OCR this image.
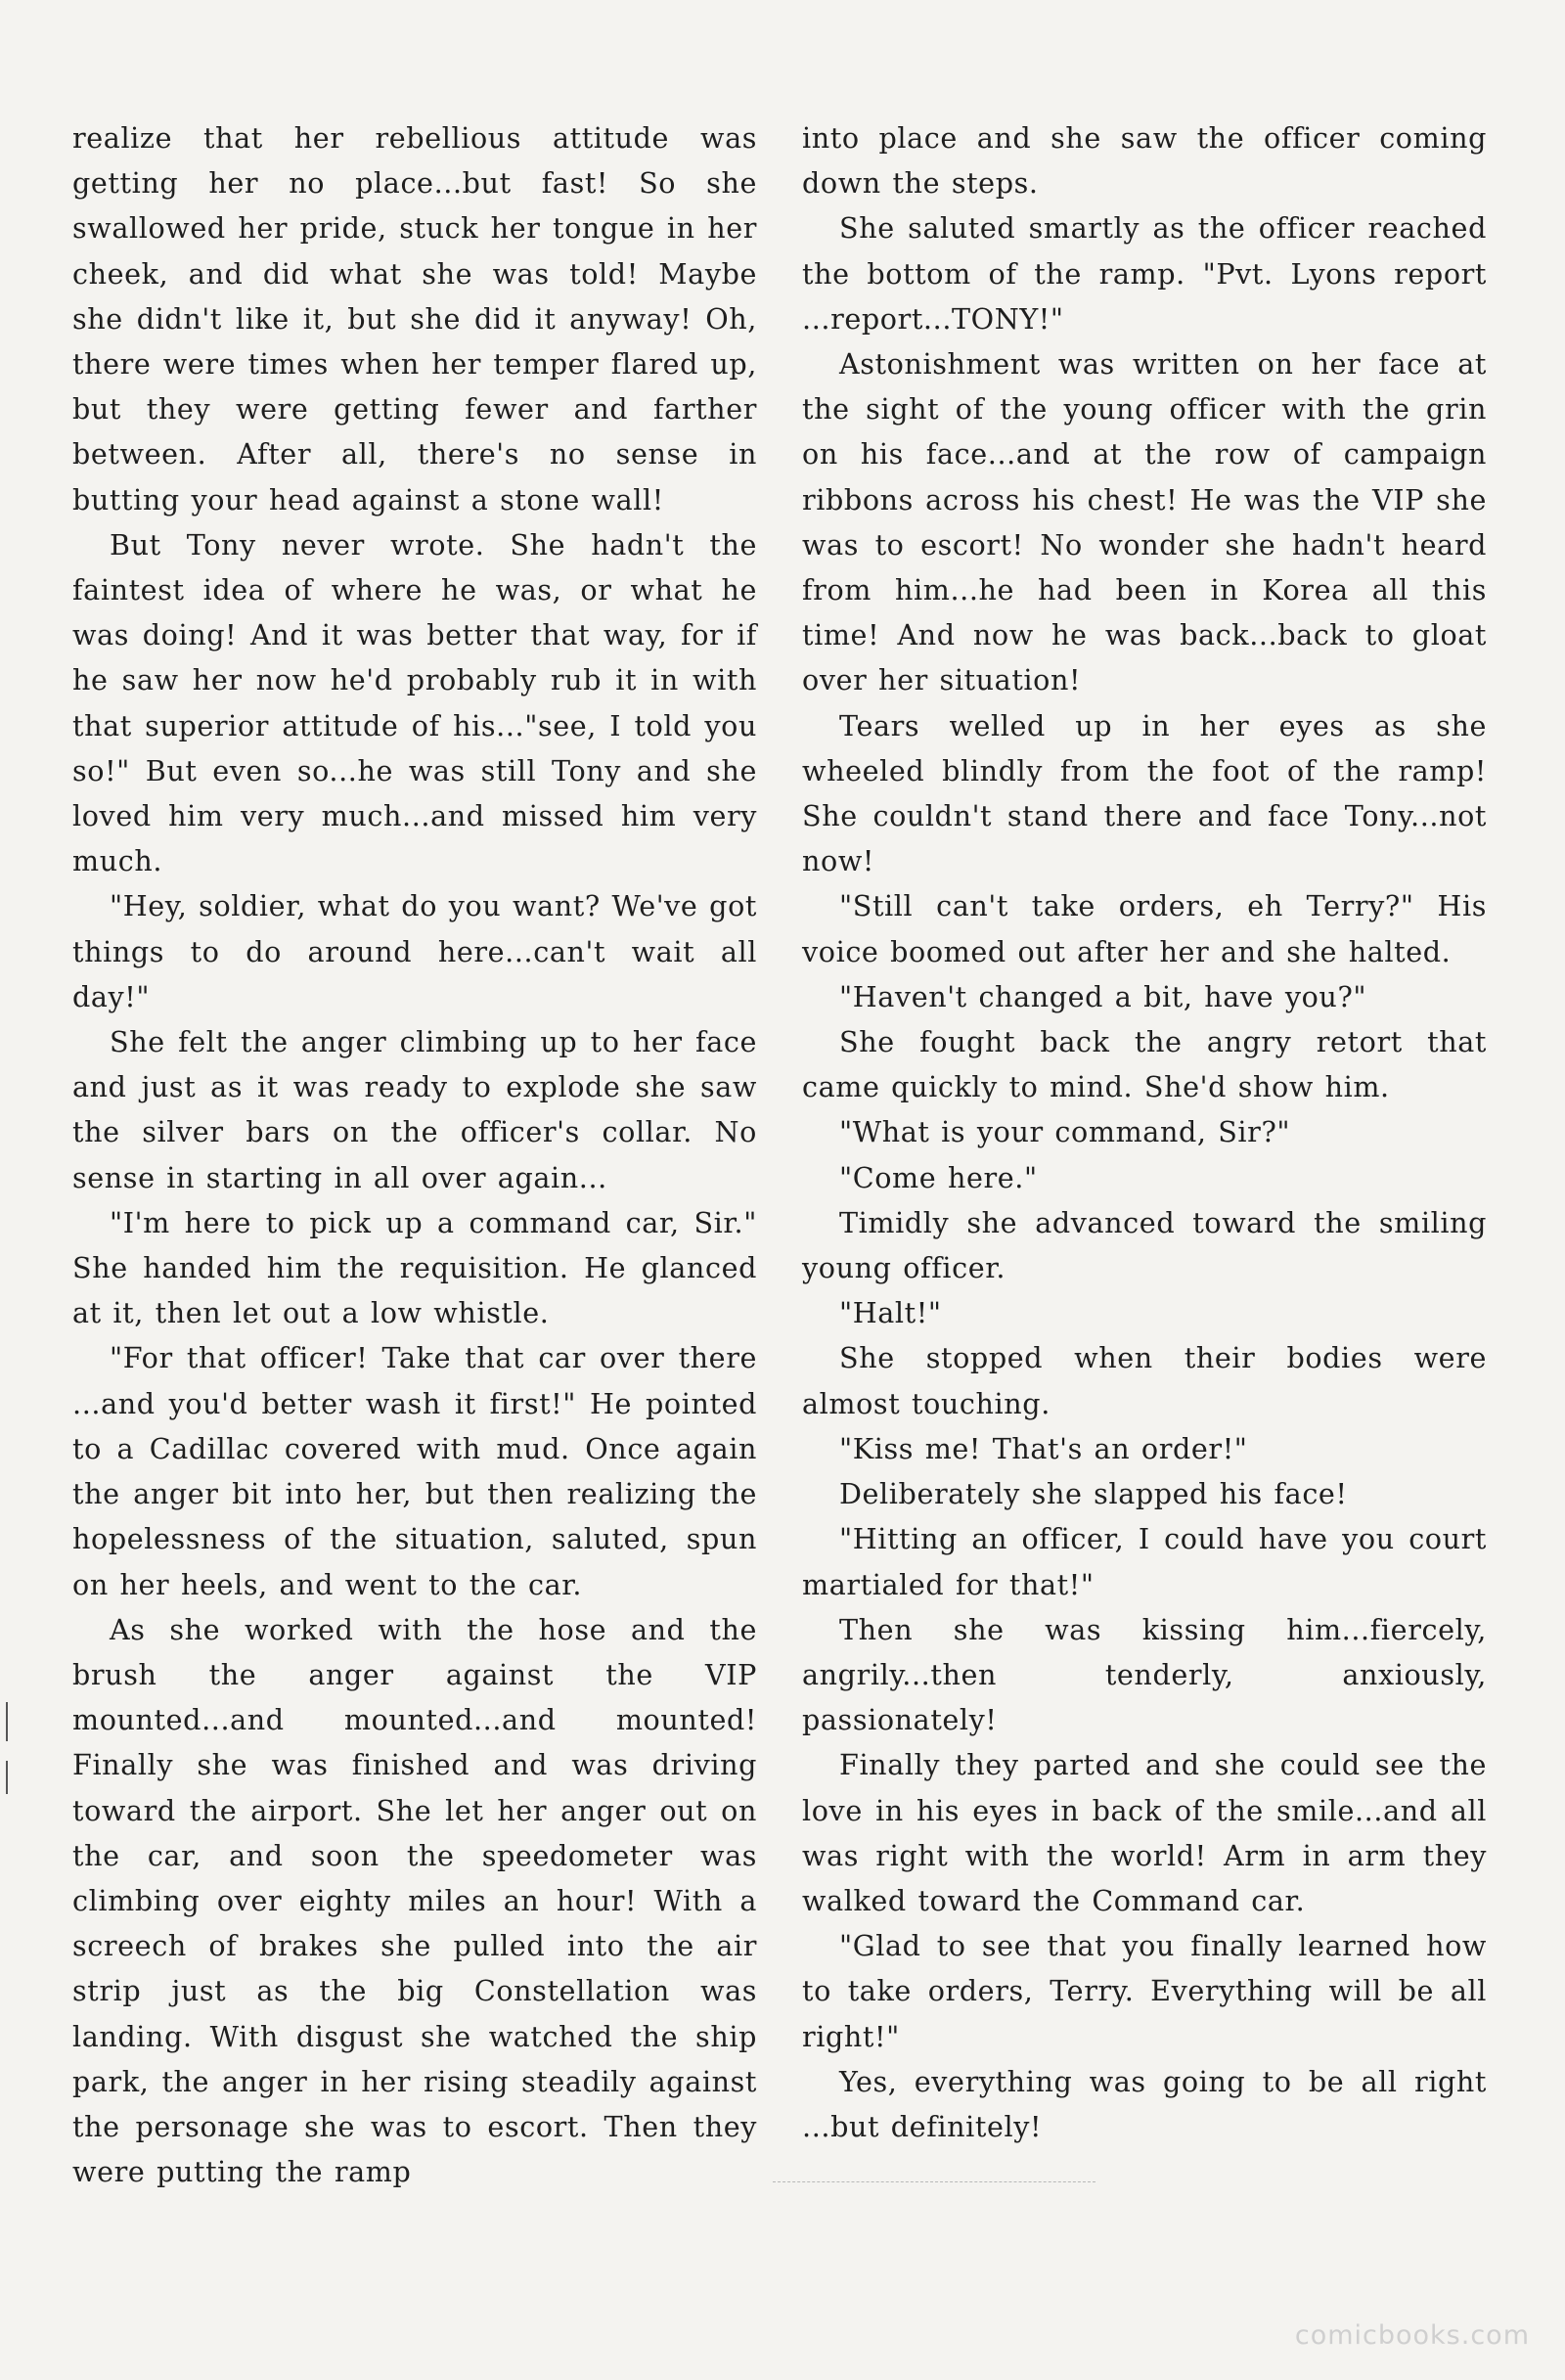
realize that her rebellious attitude was getting her no place...but fast! So she swallowed her pride, stuck her tongue in her cheek, and did what she was told! Maybe she didn't like it, but she did it anyway! Oh, there were times when her temper flared up, but they were getting fewer and farther between. After all, there's no sense in butting your head against a stone wall!

But Tony never wrote. She hadn't the faintest idea of where he was, or what he was doing! And it was better that way, for if he saw her now he'd probably rub it in with that superior attitude of his..."see, I told you so!" But even so...he was still Tony and she loved him very much...and missed him very much.

"Hey, soldier, what do you want? We've got things to do around here...can't wait all day!"

She felt the anger climbing up to her face and just as it was ready to explode she saw the silver bars on the officer's collar. No sense in starting in all over again...

"I'm here to pick up a command car, Sir." She handed him the requisition. He glanced at it, then let out a low whistle.

"For that officer! Take that car over there ...and you'd better wash it first!" He pointed to a Cadillac covered with mud. Once again the anger bit into her, but then realizing the hopelessness of the situation, saluted, spun on her heels, and went to the car.

As she worked with the hose and the brush the anger against the VIP mounted...and mounted...and mounted! Finally she was finished and was driving toward the airport. She let her anger out on the car, and soon the speedometer was climbing over eighty miles an hour! With a screech of brakes she pulled into the air strip just as the big Constellation was landing. With disgust she watched the ship park, the anger in her rising steadily against the personage she was to escort. Then they were putting the ramp

into place and she saw the officer coming down the steps.

She saluted smartly as the officer reached the bottom of the ramp. "Pvt. Lyons report ...report...TONY!"

Astonishment was written on her face at the sight of the young officer with the grin on his face...and at the row of campaign ribbons across his chest! He was the VIP she was to escort! No wonder she hadn't heard from him...he had been in Korea all this time! And now he was back...back to gloat over her situation!

Tears welled up in her eyes as she wheeled blindly from the foot of the ramp! She couldn't stand there and face Tony...not now!

"Still can't take orders, eh Terry?" His voice boomed out after her and she halted.

"Haven't changed a bit, have you?"

She fought back the angry retort that came quickly to mind. She'd show him.

"What is your command, Sir?"

"Come here."

Timidly she advanced toward the smiling young officer.

"Halt!"

She stopped when their bodies were almost touching.

"Kiss me! That's an order!"

Deliberately she slapped his face!

"Hitting an officer, I could have you court martialed for that!"

Then she was kissing him...fiercely, angrily...then tenderly, anxiously, passionately!

Finally they parted and she could see the love in his eyes in back of the smile...and all was right with the world! Arm in arm they walked toward the Command car.

"Glad to see that you finally learned how to take orders, Terry. Everything will be all right!"

Yes, everything was going to be all right ...but definitely!

comicbooks.com
